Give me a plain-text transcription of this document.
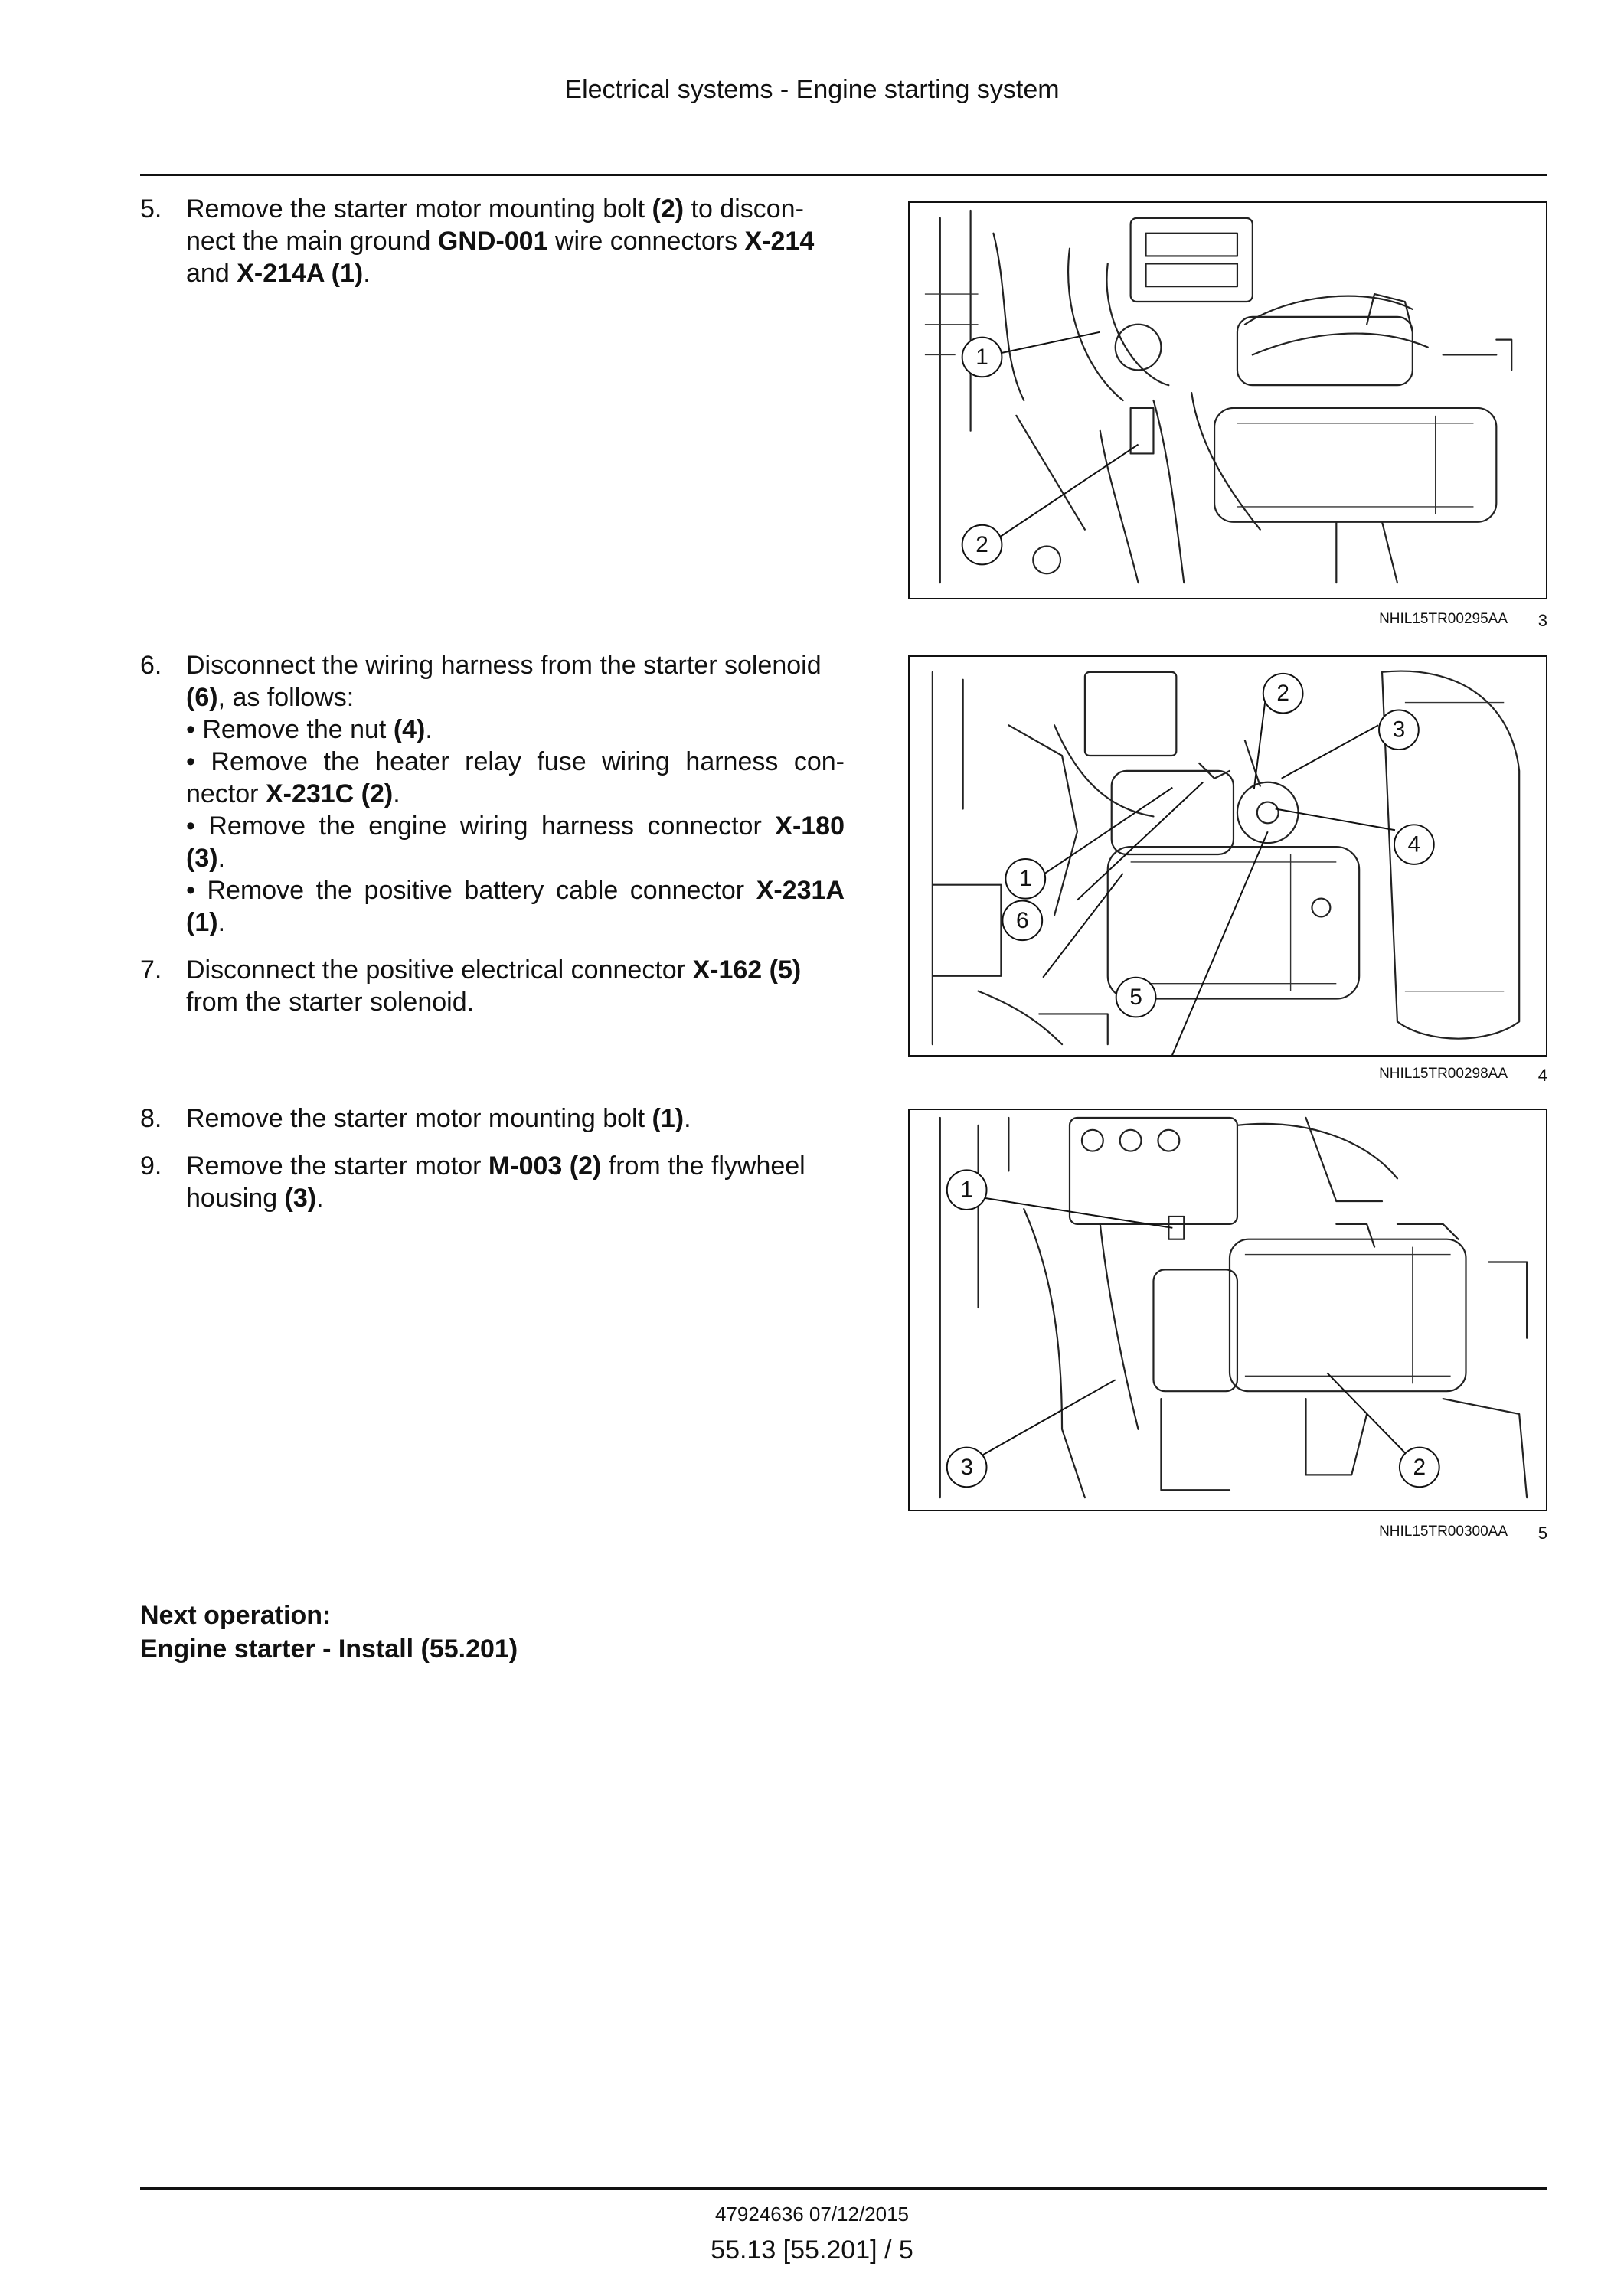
Electrical systems - Engine starting system
5. Remove the starter motor mounting bolt (2) to discon-nect the main ground GND-001 wire connectors X-214 and X-214A (1).
6. Disconnect the wiring harness from the starter solenoid (6), as follows:
• Remove the nut (4).
• Remove the heater relay fuse wiring harness con-nector X-231C (2).
• Remove the engine wiring harness connector X-180 (3).
• Remove the positive battery cable connector X-231A (1).
7. Disconnect the positive electrical connector X-162 (5) from the starter solenoid.
8. Remove the starter motor mounting bolt (1).
9. Remove the starter motor M-003 (2) from the flywheel housing (3).
1
2
NHIL15TR00295AA 3
1
2
3
4
5
6
NHIL15TR00298AA 4
1
3	2
NHIL15TR00300AA 5
Next operation:
Engine starter - Install (55.201)
47924636 07/12/2015
55.13 [55.201] / 5
